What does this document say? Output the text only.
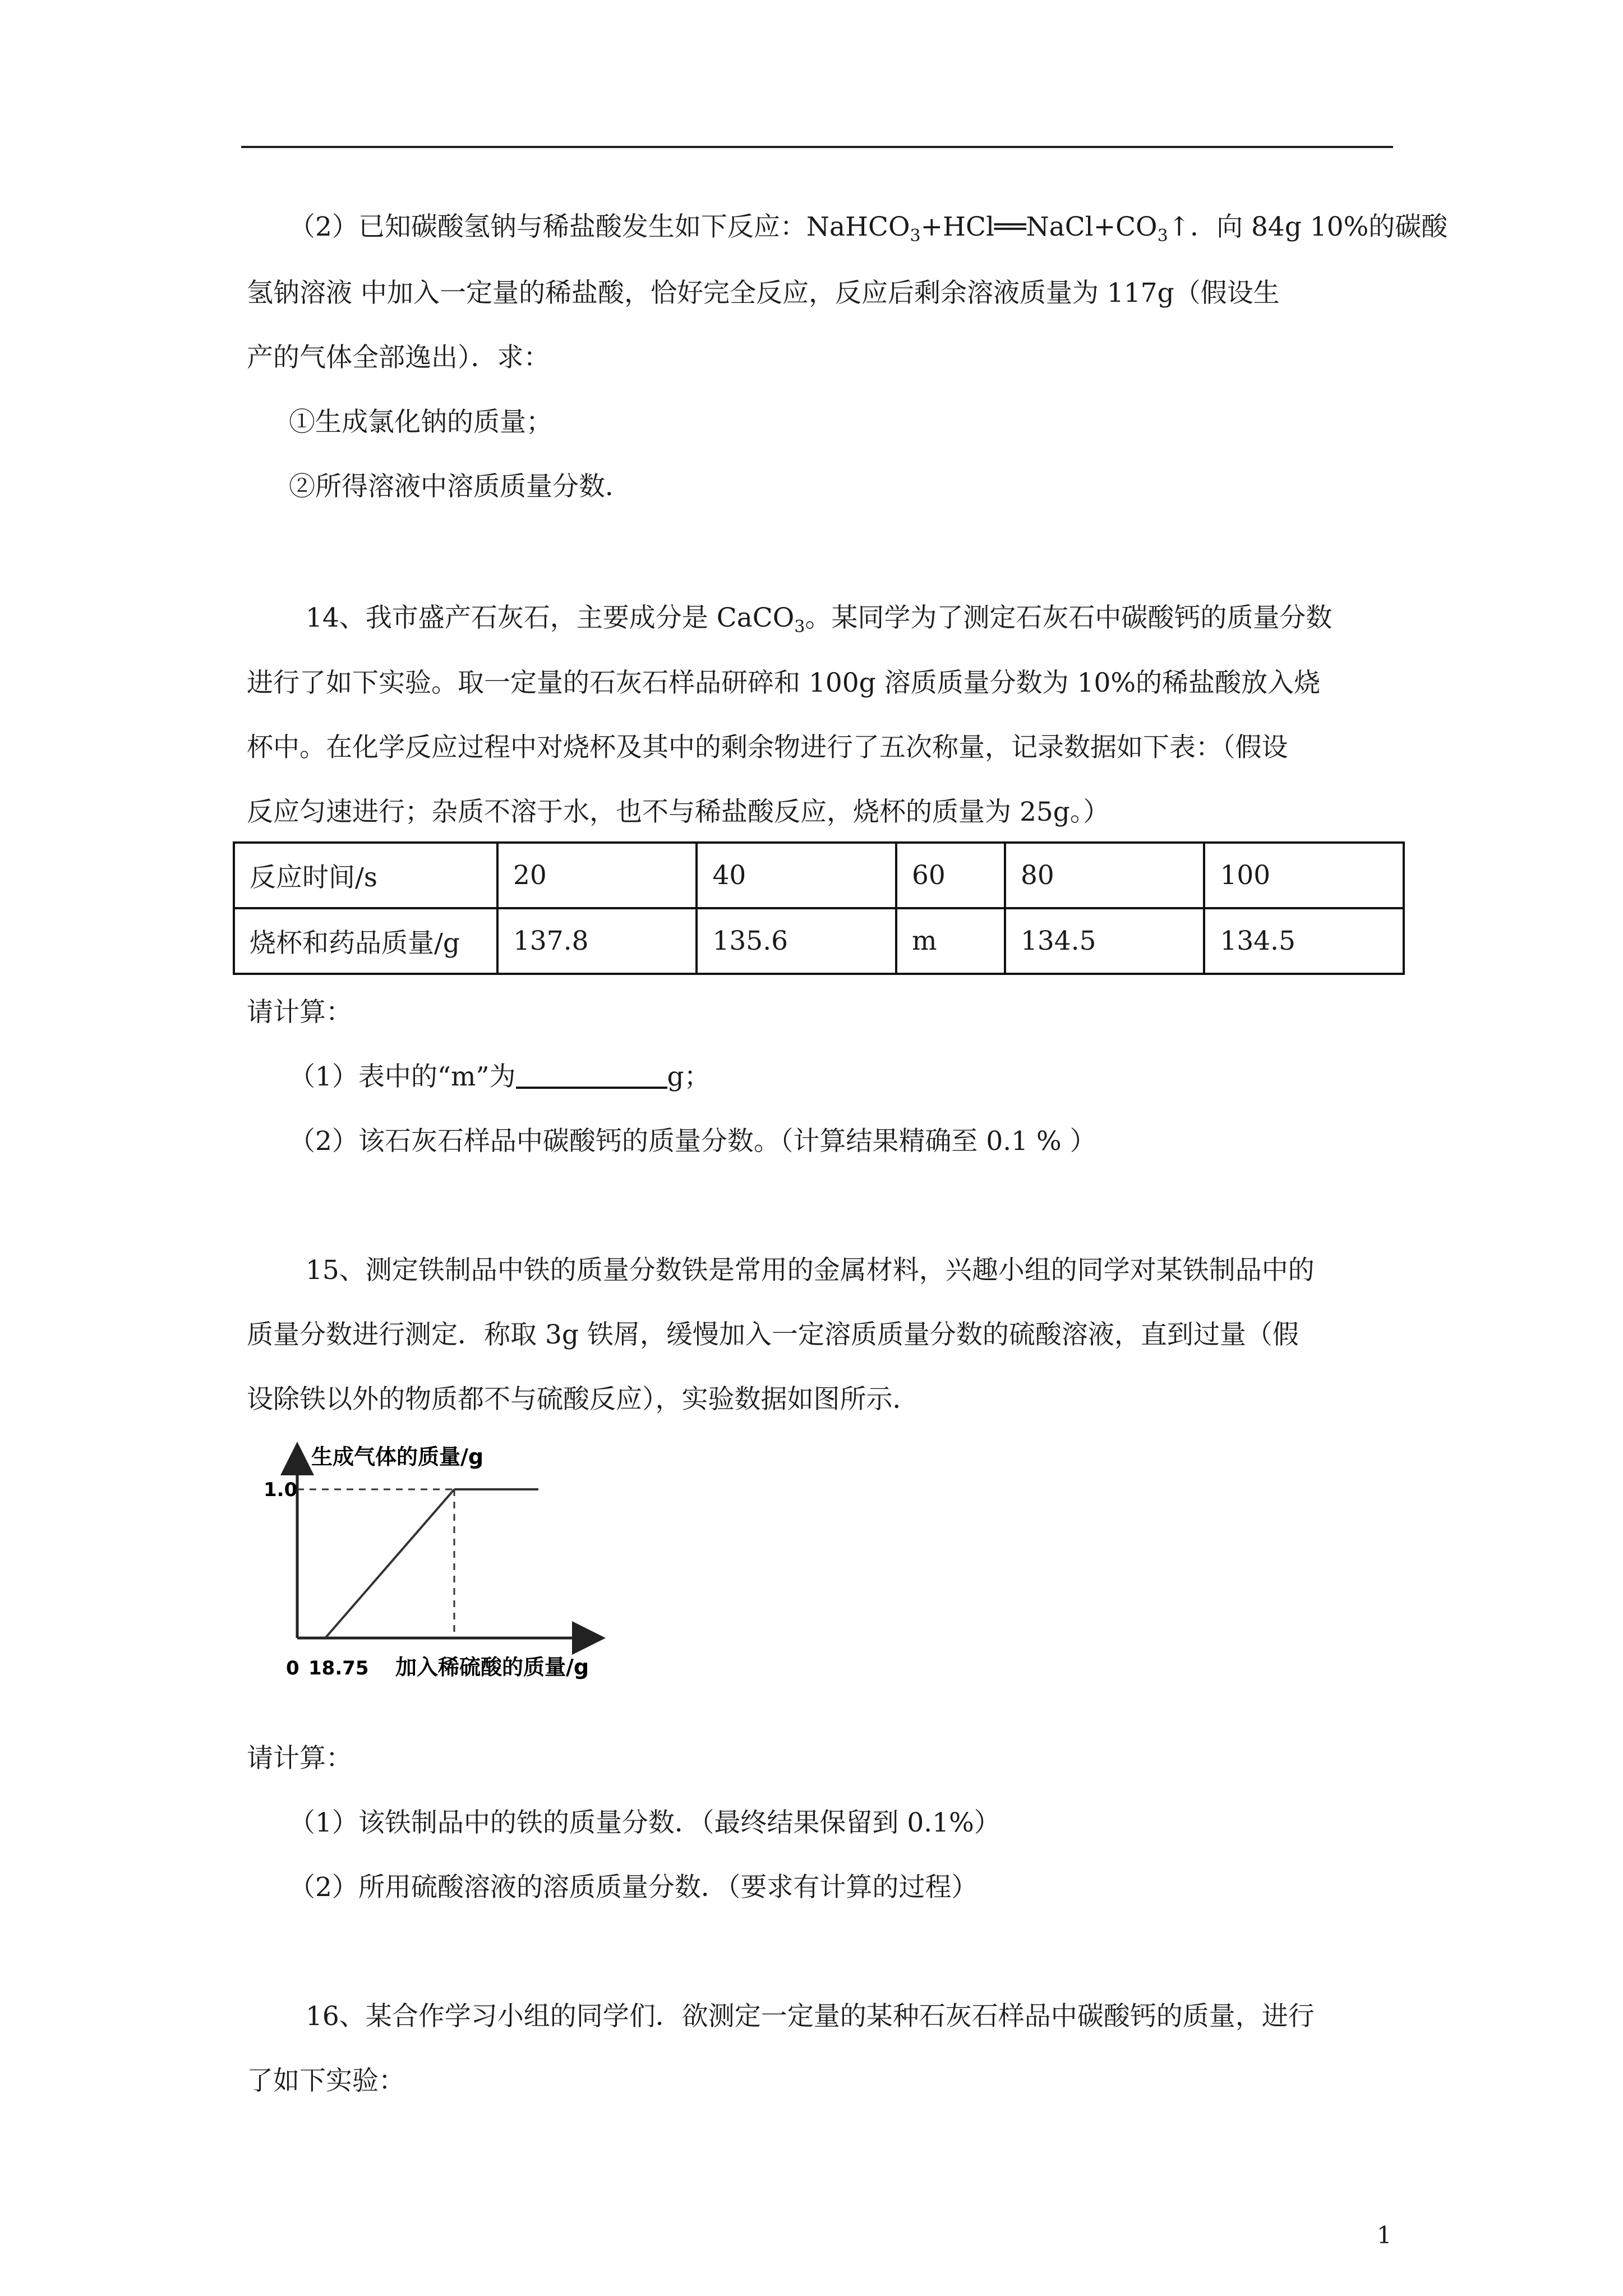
（2）已知碳酸氢钠与稀盐酸发生如下反应：$NaHCO_3+HCl══NaCl+CO_3↑$．向 84g 10%的碳酸
氢钠溶液 中加入一定量的稀盐酸，恰好完全反应，反应后剩余溶液质量为 117g（假设生
产的气体全部逸出）．求：
①生成氯化钠的质量；
②所得溶液中溶质质量分数．
14、我市盛产石灰石，主要成分是 CaCO$_3$。某同学为了测定石灰石中碳酸钙的质量分数
进行了如下实验。取一定量的石灰石样品研碎和 100g 溶质质量分数为 10%的稀盐酸放入烧
杯中。在化学反应过程中对烧杯及其中的剩余物进行了五次称量，记录数据如下表：（假设
反应匀速进行；杂质不溶于水，也不与稀盐酸反应，烧杯的质量为 25g。）
反应时间/s	20	40	60	80	100
烧杯和药品质量/g	137.8	135.6	m	134.5	134.5
请计算：
（1）表中的“m”为	g；
（2）该石灰石样品中碳酸钙的质量分数。（计算结果精确至 0.1 % ）
15、测定铁制品中铁的质量分数铁是常用的金属材料，兴趣小组的同学对某铁制品中的
质量分数进行测定．称取 3g 铁屑，缓慢加入一定溶质质量分数的硫酸溶液，直到过量（假
设除铁以外的物质都不与硫酸反应），实验数据如图所示．
生成气体的质量/g
1.0
0 18.75 加入稀硫酸的质量/g
请计算：
（1）该铁制品中的铁的质量分数．（最终结果保留到 0.1%）
（2）所用硫酸溶液的溶质质量分数．（要求有计算的过程）
16、某合作学习小组的同学们．欲测定一定量的某种石灰石样品中碳酸钙的质量，进行
了如下实验：
1
